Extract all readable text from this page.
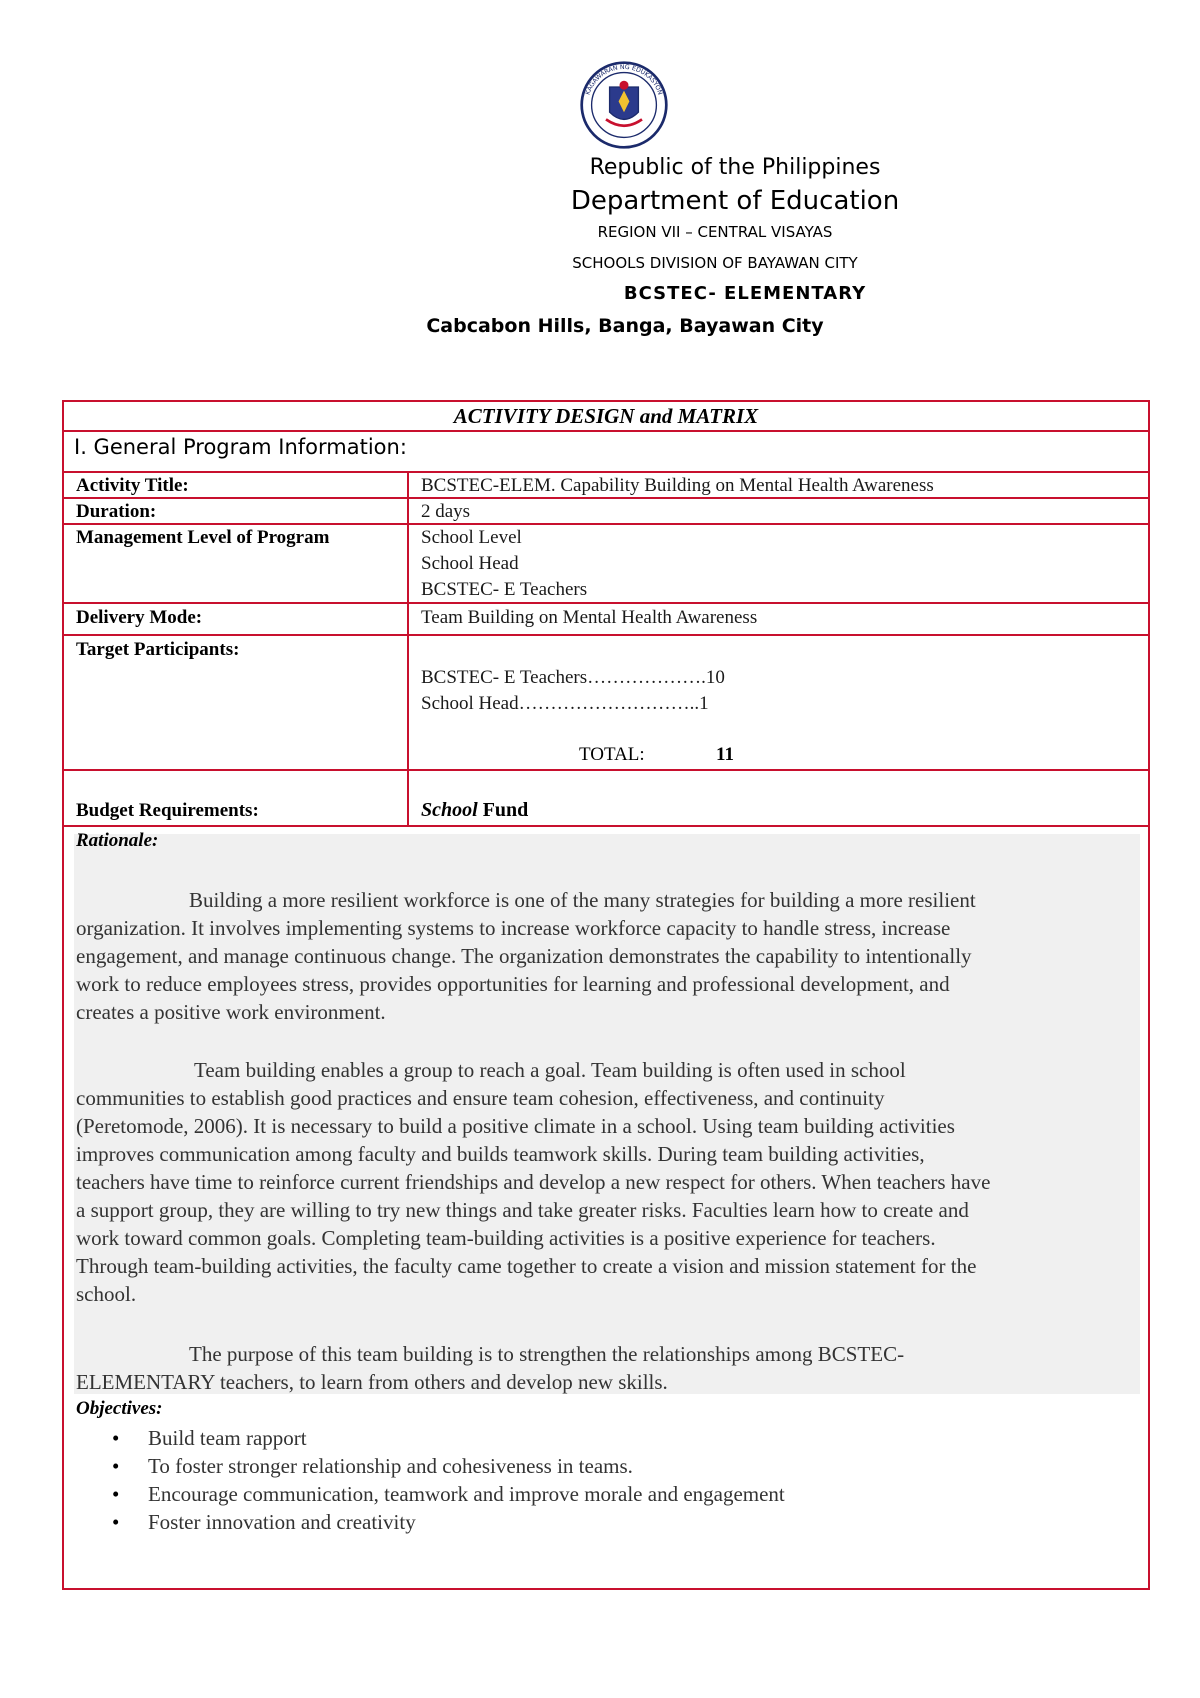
KAGAWARAN NG EDUKASYON
Republic of the Philippines
Department of Education
REGION VII – CENTRAL VISAYAS
SCHOOLS DIVISION OF BAYAWAN CITY
BCSTEC- ELEMENTARY
Cabcabon Hills, Banga, Bayawan City
ACTIVITY DESIGN and MATRIX
I. General Program Information:
Activity Title:	BCSTEC-ELEM. Capability Building on Mental Health Awareness
Duration:	2 days
Management Level of Program	School Level
School Head
BCSTEC- E Teachers
Delivery Mode:	Team Building on Mental Health Awareness
Target Participants:
BCSTEC- E Teachers……………….10
School Head………………………..1
TOTAL:	11
Budget Requirements:	School Fund
Rationale:
Building a more resilient workforce is one of the many strategies for building a more resilient
organization. It involves implementing systems to increase workforce capacity to handle stress, increase
engagement, and manage continuous change. The organization demonstrates the capability to intentionally
work to reduce employees stress, provides opportunities for learning and professional development, and
creates a positive work environment.
Team building enables a group to reach a goal. Team building is often used in school
communities to establish good practices and ensure team cohesion, effectiveness, and continuity
(Peretomode, 2006). It is necessary to build a positive climate in a school. Using team building activities
improves communication among faculty and builds teamwork skills. During team building activities,
teachers have time to reinforce current friendships and develop a new respect for others. When teachers have
a support group, they are willing to try new things and take greater risks. Faculties learn how to create and
work toward common goals. Completing team-building activities is a positive experience for teachers.
Through team-building activities, the faculty came together to create a vision and mission statement for the
school.
The purpose of this team building is to strengthen the relationships among BCSTEC-
ELEMENTARY teachers, to learn from others and develop new skills.
Objectives:
• Build team rapport
• To foster stronger relationship and cohesiveness in teams.
• Encourage communication, teamwork and improve morale and engagement
• Foster innovation and creativity
